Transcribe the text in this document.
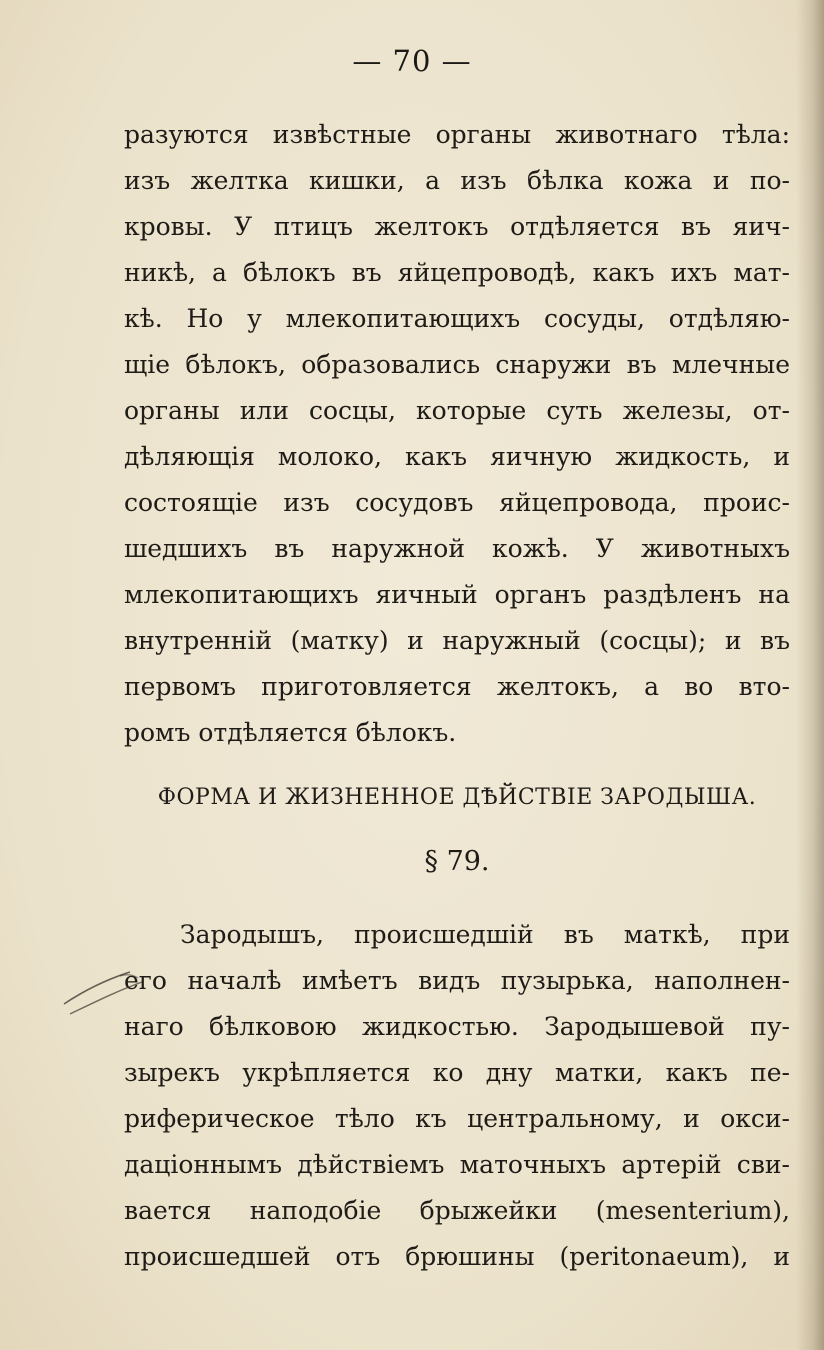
— 70 —
разуются извѣстные органы животнаго тѣла:
изъ желтка кишки, а изъ бѣлка кожа и по-
кровы. У птицъ желтокъ отдѣляется въ яич-
никѣ, а бѣлокъ въ яйцепроводѣ, какъ ихъ мат-
кѣ. Но у млекопитающихъ сосуды, отдѣляю-
щіе бѣлокъ, образовались снаружи въ млечные
органы или сосцы, которые суть железы, от-
дѣляющія молоко, какъ яичную жидкость, и
состоящіе изъ сосудовъ яйцепровода, проис-
шедшихъ въ наружной кожѣ. У животныхъ
млекопитающихъ яичный органъ раздѣленъ на
внутренній (матку) и наружный (сосцы); и въ
первомъ приготовляется желтокъ, а во вто-
ромъ отдѣляется бѣлокъ.
ФОРМА И ЖИЗНЕННОЕ ДѢЙСТВІЕ ЗАРОДЫША.
§ 79.
Зародышъ, происшедшій въ маткѣ, при
его началѣ имѣетъ видъ пузырька, наполнен-
наго бѣлковою жидкостью. Зародышевой пу-
зырекъ укрѣпляется ко дну матки, какъ пе-
риферическое тѣло къ центральному, и окси-
даціоннымъ дѣйствіемъ маточныхъ артерій сви-
вается наподобіе брыжейки (mesenterium),
происшедшей отъ брюшины (peritonaeum), и
